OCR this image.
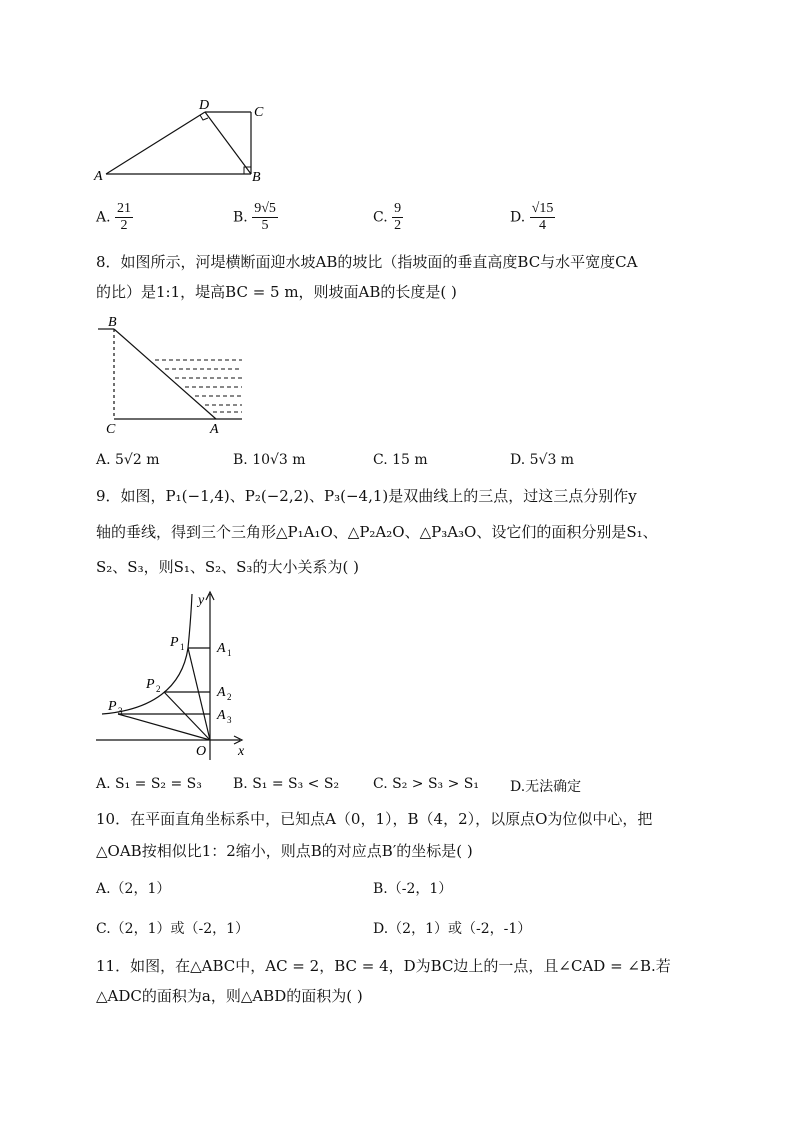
D	C
A	B
A. $\frac{21}{2}$	B. $\frac{9√5}{5}$	C. $\frac{9}{2}$	D. $\frac{√15}{4}$
8．如图所示，河堤横断面迎水坡AB的坡比（指坡面的垂直高度BC与水平宽度CA
的比）是1:1，堤高BC = 5 m，则坡面AB的长度是( )
B
C	A
A. 5√2 m	B. 10√3 m	C. 15 m	D. 5√3 m
9．如图，P₁(−1,4)、P₂(−2,2)、P₃(−4,1)是双曲线上的三点，过这三点分别作y
轴的垂线，得到三个三角形△P₁A₁O、△P₂A₂O、△P₃A₃O、设它们的面积分别是S₁、
S₂、S₃，则S₁、S₂、S₃的大小关系为( )
y
x
O
P 1
P 2
P 3
A 1
A 2
A 3
A. S₁ = S₂ = S₃ B. S₁ = S₃ < S₂ C. S₂ > S₃ > S₁ D.无法确定
10．在平面直角坐标系中，已知点A（0，1），B（4，2），以原点O为位似中心，把
△OAB按相似比1：2缩小，则点B的对应点B′的坐标是( )
A.（2，1）	B.（-2，1）
C.（2，1）或（-2，1）	D.（2，1）或（-2，-1）
11．如图，在△ABC中，AC = 2，BC = 4，D为BC边上的一点，且∠CAD = ∠B.若
△ADC的面积为a，则△ABD的面积为( )
